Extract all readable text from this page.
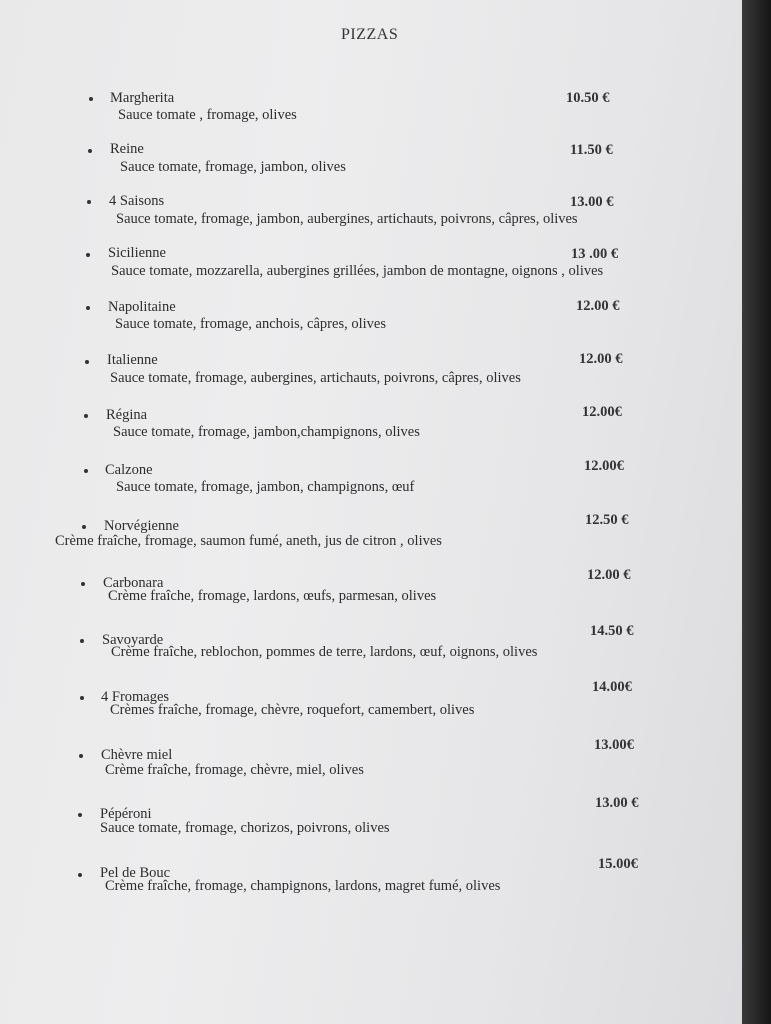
PIZZAS
Margherita
Sauce tomate , fromage, olives
10.50 €
Reine
Sauce tomate, fromage, jambon, olives
11.50 €
4 Saisons
Sauce tomate, fromage, jambon, aubergines, artichauts, poivrons, câpres, olives
13.00 €
Sicilienne
Sauce tomate, mozzarella, aubergines grillées, jambon de montagne, oignons , olives
13 .00 €
Napolitaine
Sauce tomate, fromage, anchois, câpres, olives
12.00 €
Italienne
Sauce tomate, fromage, aubergines, artichauts, poivrons, câpres, olives
12.00 €
Régina
Sauce tomate, fromage, jambon,champignons, olives
12.00€
Calzone
Sauce tomate, fromage, jambon, champignons, œuf
12.00€
Norvégienne
Crème fraîche, fromage, saumon fumé, aneth, jus de citron , olives
12.50 €
Carbonara
Crème fraîche, fromage, lardons, œufs, parmesan, olives
12.00 €
Savoyarde
Crème fraîche, reblochon, pommes de terre, lardons, œuf, oignons, olives
14.50 €
4 Fromages
Crèmes fraîche, fromage, chèvre, roquefort, camembert, olives
14.00€
Chèvre miel
Crème fraîche, fromage, chèvre, miel, olives
13.00€
Pépéroni
Sauce tomate, fromage, chorizos, poivrons, olives
13.00 €
Pel de Bouc
Crème fraîche, fromage, champignons, lardons, magret fumé, olives
15.00€
